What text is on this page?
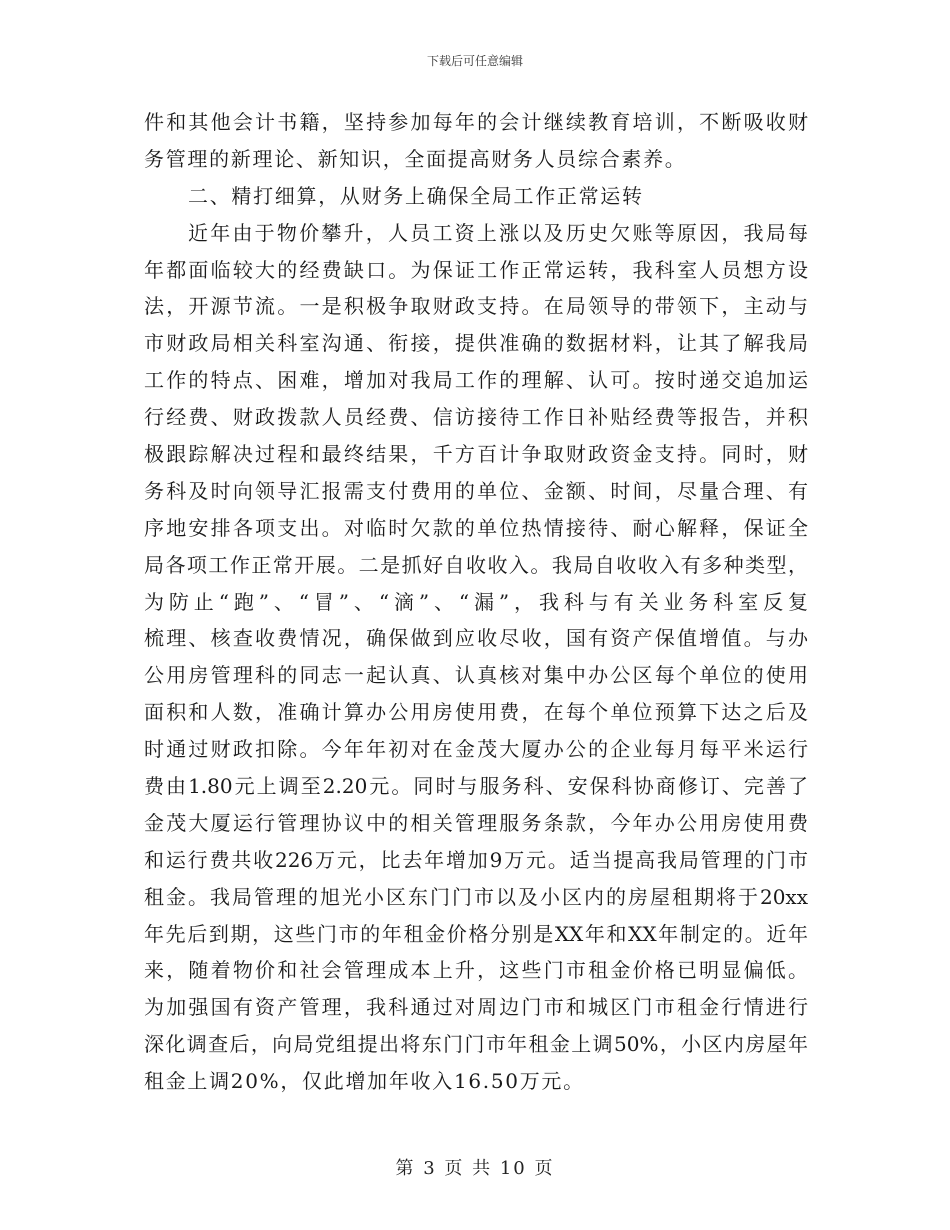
下载后可任意编辑
件和其他会计书籍，坚持参加每年的会计继续教育培训，不断吸收财
务管理的新理论、新知识，全面提高财务人员综合素养。
二、精打细算，从财务上确保全局工作正常运转
近年由于物价攀升，人员工资上涨以及历史欠账等原因，我局每
年都面临较大的经费缺口。为保证工作正常运转，我科室人员想方设
法，开源节流。一是积极争取财政支持。在局领导的带领下，主动与
市财政局相关科室沟通、衔接，提供准确的数据材料，让其了解我局
工作的特点、困难，增加对我局工作的理解、认可。按时递交追加运
行经费、财政拨款人员经费、信访接待工作日补贴经费等报告，并积
极跟踪解决过程和最终结果，千方百计争取财政资金支持。同时，财
务科及时向领导汇报需支付费用的单位、金额、时间，尽量合理、有
序地安排各项支出。对临时欠款的单位热情接待、耐心解释，保证全
局各项工作正常开展。二是抓好自收收入。我局自收收入有多种类型，
为防止“跑”、“冒”、“滴”、“漏”，我科与有关业务科室反复
梳理、核查收费情况，确保做到应收尽收，国有资产保值增值。与办
公用房管理科的同志一起认真、认真核对集中办公区每个单位的使用
面积和人数，准确计算办公用房使用费，在每个单位预算下达之后及
时通过财政扣除。今年年初对在金茂大厦办公的企业每月每平米运行
费由1.80元上调至2.20元。同时与服务科、安保科协商修订、完善了
金茂大厦运行管理协议中的相关管理服务条款，今年办公用房使用费
和运行费共收226万元，比去年增加9万元。适当提高我局管理的门市
租金。我局管理的旭光小区东门门市以及小区内的房屋租期将于20xx
年先后到期，这些门市的年租金价格分别是XX年和XX年制定的。近年
来，随着物价和社会管理成本上升，这些门市租金价格已明显偏低。
为加强国有资产管理，我科通过对周边门市和城区门市租金行情进行
深化调查后，向局党组提出将东门门市年租金上调50%，小区内房屋年
租金上调20%，仅此增加年收入16.50万元。
第 3 页 共 10 页
